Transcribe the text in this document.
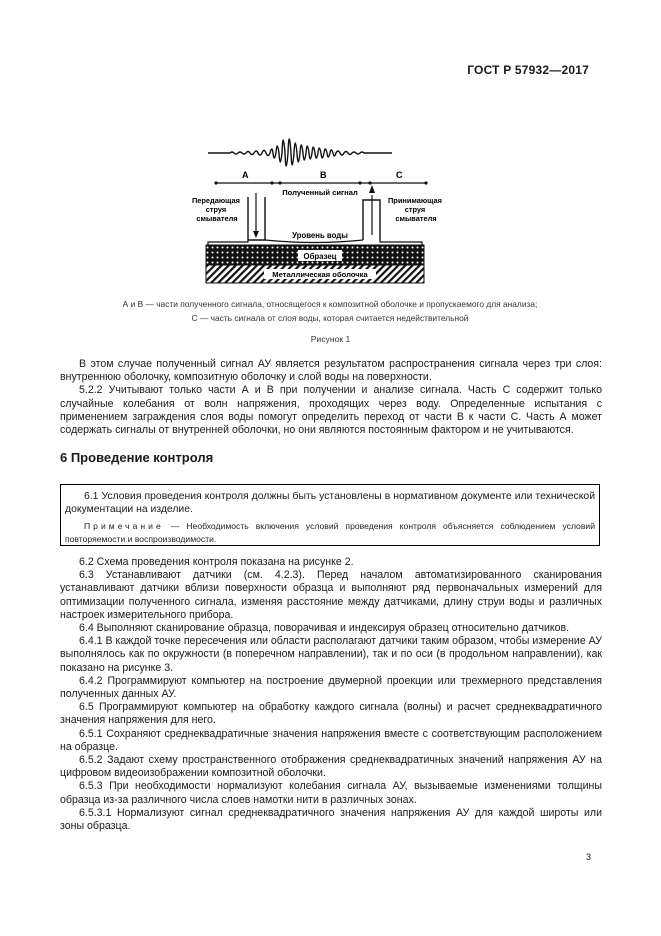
ГОСТ Р 57932—2017
A	B	C
Полученный сигнал
Передающая струя смывателя
Принимающая струя смывателя
Уровень воды
Образец
Металлическая оболочка
А и В — части полученного сигнала, относящегося к композитной оболочке и пропускаемого для анализа;
С — часть сигнала от слоя воды, которая считается недействительной
Рисунок 1

В этом случае полученный сигнал АУ является результатом распространения сигнала через три слоя: внутреннюю оболочку, композитную оболочку и слой воды на поверхности.

5.2.2 Учитывают только части А и В при получении и анализе сигнала. Часть С содержит только случайные колебания от волн напряжения, проходящих через воду. Определенные испытания с применением заграждения слоя воды помогут определить переход от части В к части С. Часть А может содержать сигналы от внутренней оболочки, но они являются постоянным фактором и не учитываются.

6 Проведение контроля

6.1 Условия проведения контроля должны быть установлены в нормативном документе или технической документации на изделие.

Примечание — Необходимость включения условий проведения контроля объясняется соблюдением условий повторяемости и воспроизводимости.

6.2 Схема проведения контроля показана на рисунке 2.

6.3 Устанавливают датчики (см. 4.2.3). Перед началом автоматизированного сканирования устанавливают датчики вблизи поверхности образца и выполняют ряд первоначальных измерений для оптимизации полученного сигнала, изменяя расстояние между датчиками, длину струи воды и различных настроек измерительного прибора.

6.4 Выполняют сканирование образца, поворачивая и индексируя образец относительно датчиков.

6.4.1 В каждой точке пересечения или области располагают датчики таким образом, чтобы измерение АУ выполнялось как по окружности (в поперечном направлении), так и по оси (в продольном направлении), как показано на рисунке 3.

6.4.2 Программируют компьютер на построение двумерной проекции или трехмерного представления полученных данных АУ.

6.5 Программируют компьютер на обработку каждого сигнала (волны) и расчет среднеквадратичного значения напряжения для него.

6.5.1 Сохраняют среднеквадратичные значения напряжения вместе с соответствующим расположением на образце.

6.5.2 Задают схему пространственного отображения среднеквадратичных значений напряжения АУ на цифровом видеоизображении композитной оболочки.

6.5.3 При необходимости нормализуют колебания сигнала АУ, вызываемые изменениями толщины образца из-за различного числа слоев намотки нити в различных зонах.

6.5.3.1 Нормализуют сигнал среднеквадратичного значения напряжения АУ для каждой широты или зоны образца.

3
